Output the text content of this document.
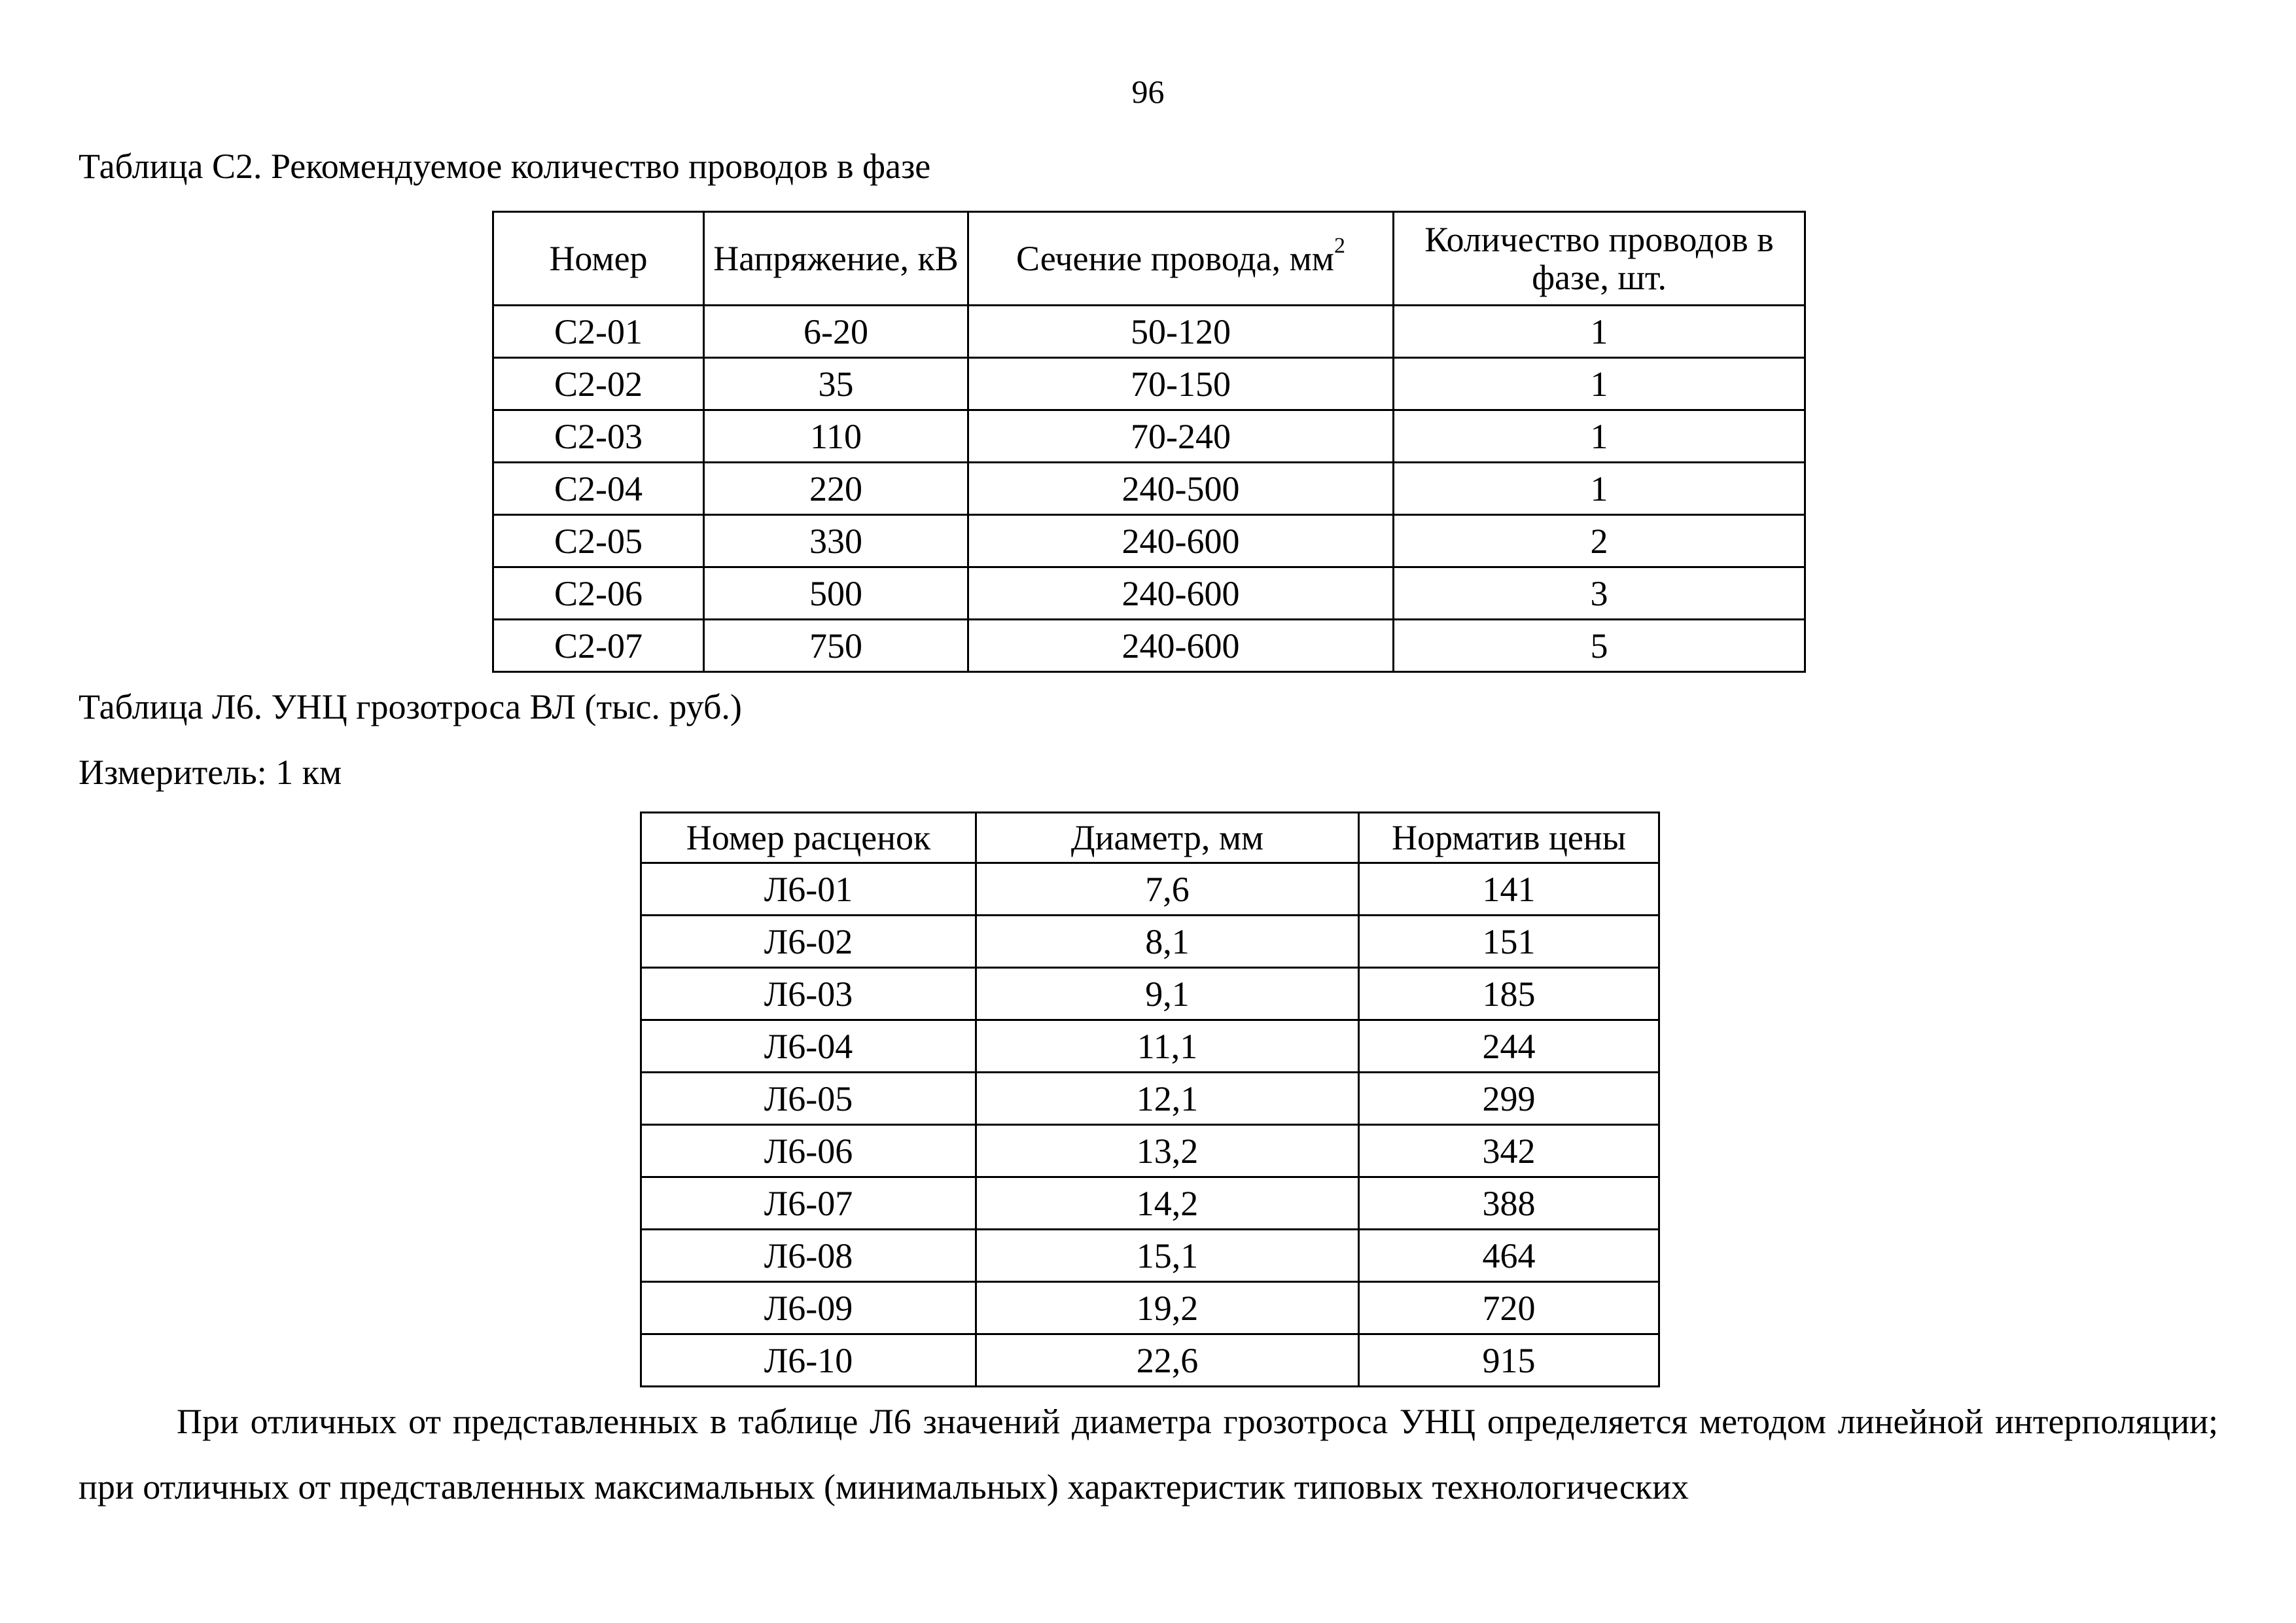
96
Таблица С2. Рекомендуемое количество проводов в фазе
Номер	Напряжение, кВ	Сечение провода, $мм^2$	Количество проводов в фазе, шт.
С2-01	6-20	50-120	1
С2-02	35	70-150	1
С2-03	110	70-240	1
С2-04	220	240-500	1
С2-05	330	240-600	2
С2-06	500	240-600	3
С2-07	750	240-600	5
Таблица Л6. УНЦ грозотроса ВЛ (тыс. руб.)
Измеритель: 1 км
Номер расценок	Диаметр, мм	Норматив цены
Л6-01	7,6	141
Л6-02	8,1	151
Л6-03	9,1	185
Л6-04	11,1	244
Л6-05	12,1	299
Л6-06	13,2	342
Л6-07	14,2	388
Л6-08	15,1	464
Л6-09	19,2	720
Л6-10	22,6	915
При отличных от представленных в таблице Л6 значений диаметра грозотроса УНЦ определяется методом линейной интерполяции; при отличных от представленных максимальных (минимальных) характеристик типовых технологических
